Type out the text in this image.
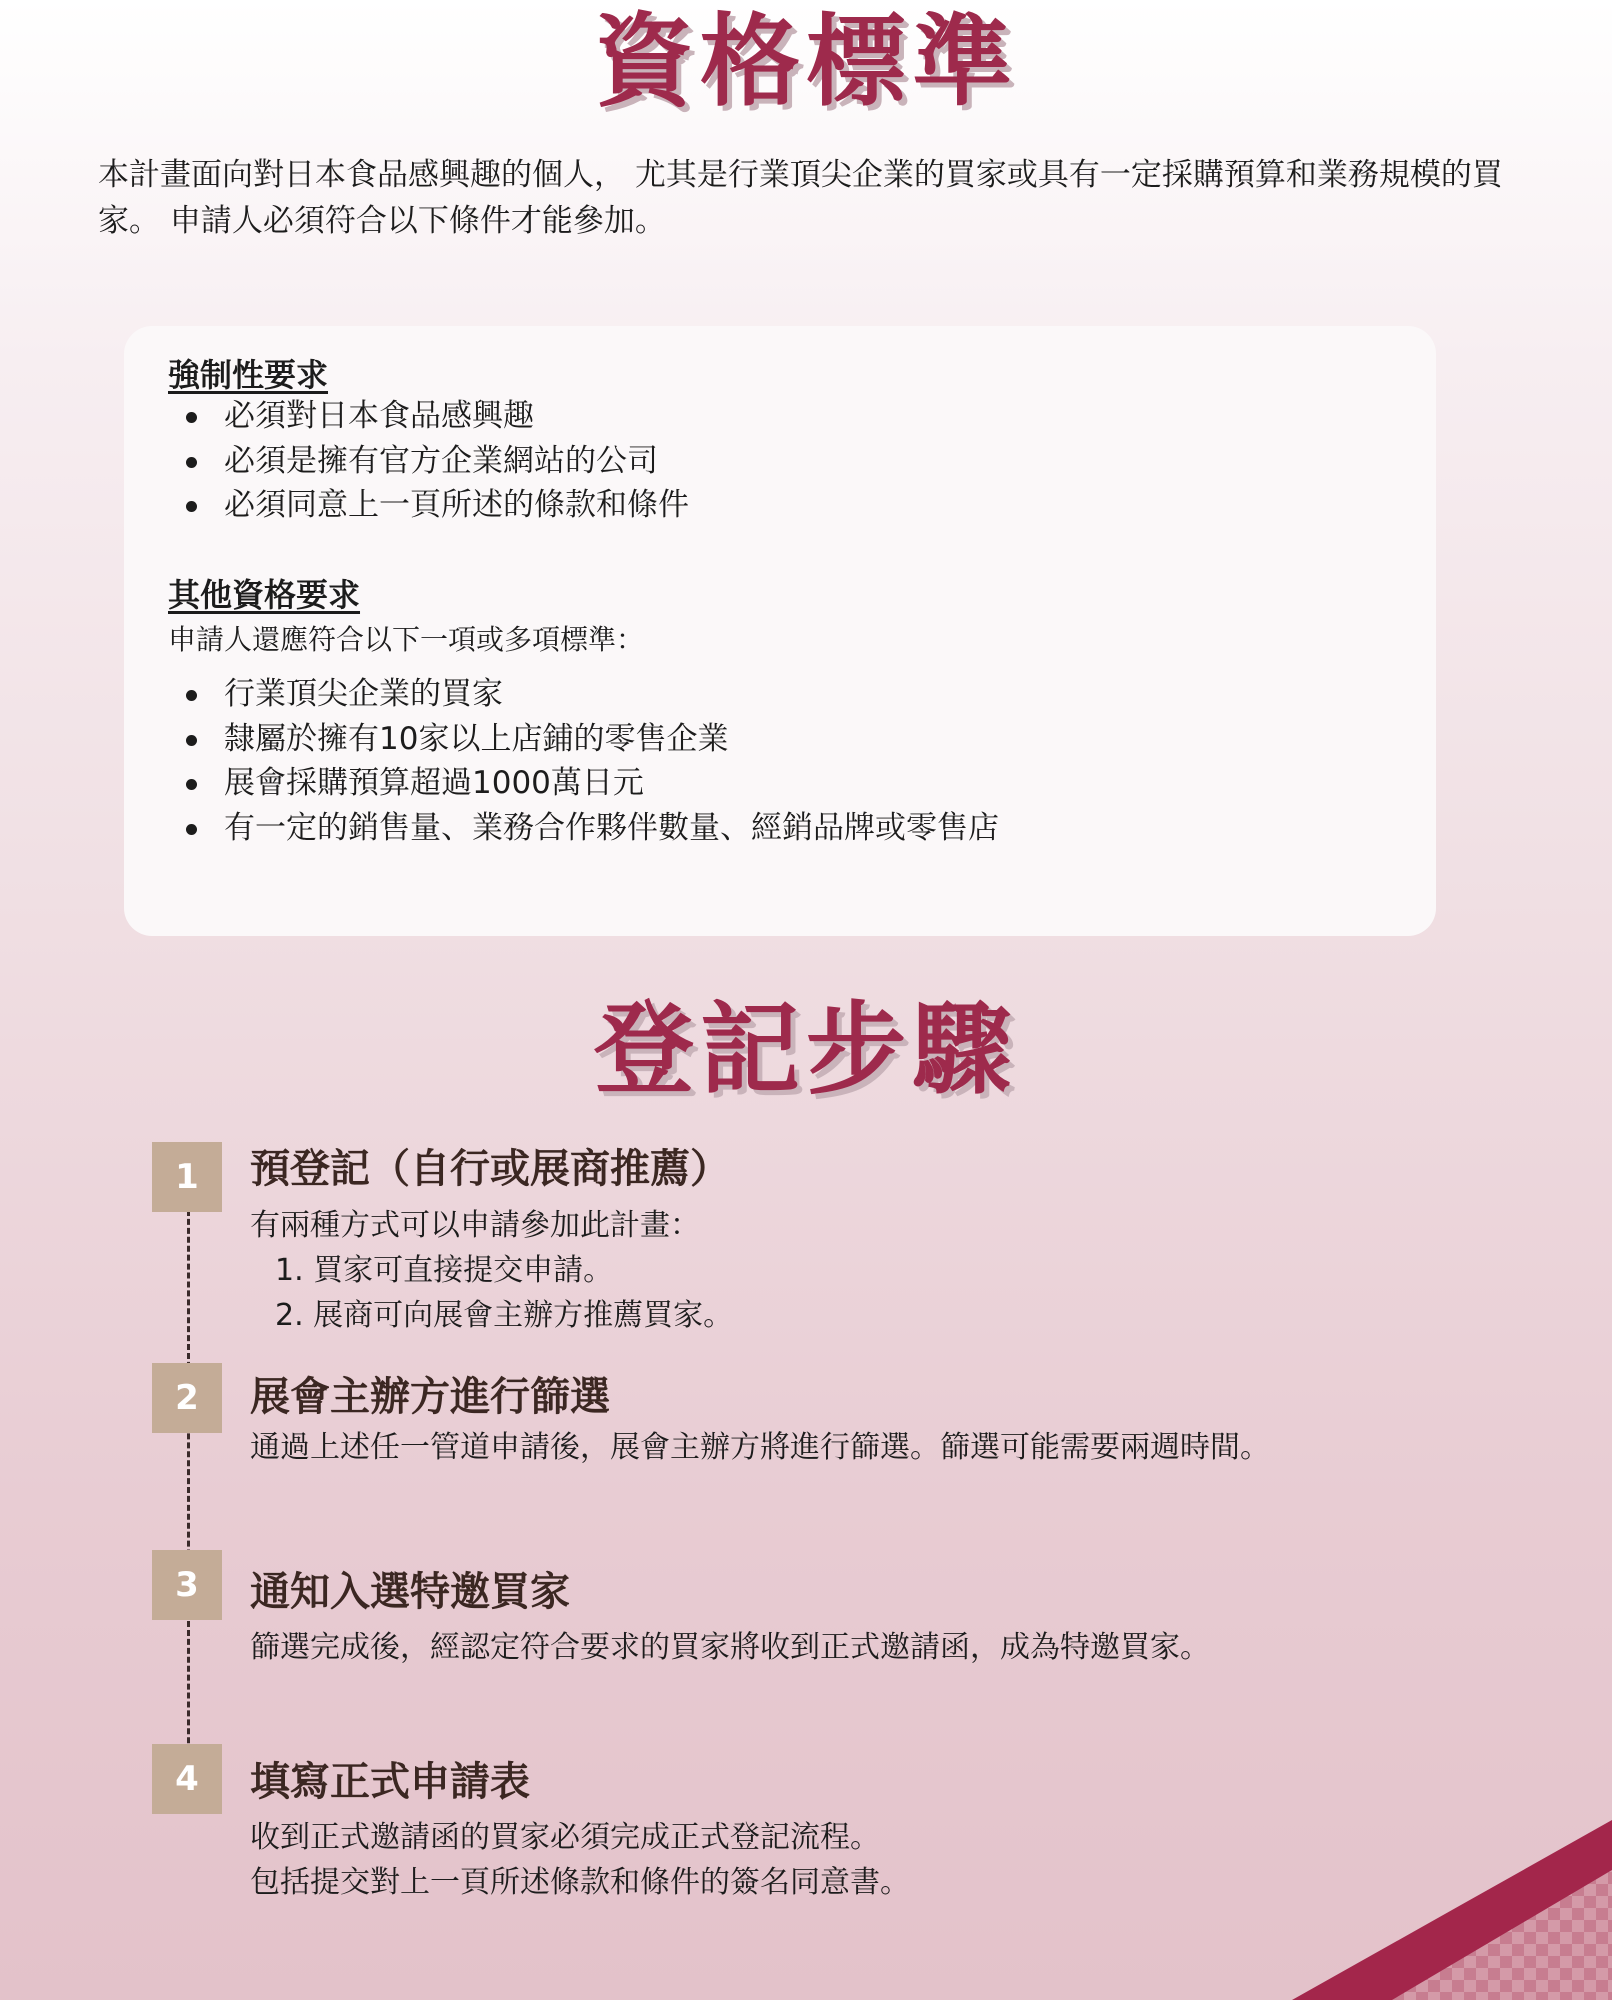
資格標準

本計畫面向對日本食品感興趣的個人， 尤其是行業頂尖企業的買家或具有一定採購預算和業務規模的買家。 申請人必須符合以下條件才能參加。

強制性要求
必須對日本食品感興趣
必須是擁有官方企業網站的公司
必須同意上一頁所述的條款和條件
其他資格要求

申請人還應符合以下一項或多項標準：

行業頂尖企業的買家
隸屬於擁有10家以上店鋪的零售企業
展會採購預算超過1000萬日元
有一定的銷售量、業務合作夥伴數量、經銷品牌或零售店
登記步驟
1	預登記（自行或展商推薦）

有兩種方式可以申請參加此計畫：

1. 買家可直接提交申請。
2. 展商可向展會主辦方推薦買家。
2	展會主辦方進行篩選

通過上述任一管道申請後，展會主辦方將進行篩選。篩選可能需要兩週時間。

3	通知入選特邀買家

篩選完成後，經認定符合要求的買家將收到正式邀請函，成為特邀買家。

4	填寫正式申請表

收到正式邀請函的買家必須完成正式登記流程。

包括提交對上一頁所述條款和條件的簽名同意書。
